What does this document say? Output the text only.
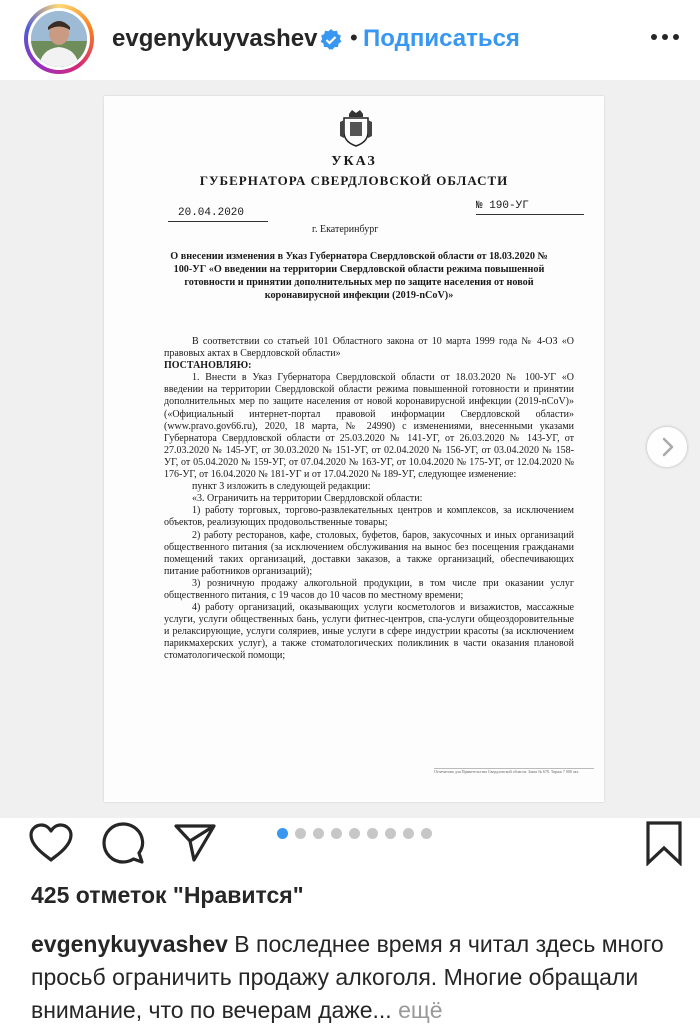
evgenykuyvashev • Подписаться
УКАЗ
ГУБЕРНАТОРА СВЕРДЛОВСКОЙ ОБЛАСТИ
20.04.2020
№ 190-УГ
г. Екатеринбург
О внесении изменения в Указ Губернатора Свердловской области от 18.03.2020 № 100-УГ «О введении на территории Свердловской области режима повышенной готовности и принятии дополнительных мер по защите населения от новой коронавирусной инфекции (2019-nCoV)»

В соответствии со статьей 101 Областного закона от 10 марта 1999 года № 4-ОЗ «О правовых актах в Свердловской области»

ПОСТАНОВЛЯЮ:

1. Внести в Указ Губернатора Свердловской области от 18.03.2020 № 100-УГ «О введении на территории Свердловской области режима повышенной готовности и принятии дополнительных мер по защите населения от новой коронавирусной инфекции (2019-nCoV)» («Официальный интернет-портал правовой информации Свердловской области» (www.pravo.gov66.ru), 2020, 18 марта, № 24990) с изменениями, внесенными указами Губернатора Свердловской области от 25.03.2020 № 141-УГ, от 26.03.2020 № 143-УГ, от 27.03.2020 № 145-УГ, от 30.03.2020 № 151-УГ, от 02.04.2020 № 156-УГ, от 03.04.2020 № 158-УГ, от 05.04.2020 № 159-УГ, от 07.04.2020 № 163-УГ, от 10.04.2020 № 175-УГ, от 12.04.2020 № 176-УГ, от 16.04.2020 № 181-УГ и от 17.04.2020 № 189-УГ, следующее изменение:

пункт 3 изложить в следующей редакции:

«3. Ограничить на территории Свердловской области:

1) работу торговых, торгово-развлекательных центров и комплексов, за исключением объектов, реализующих продовольственные товары;

2) работу ресторанов, кафе, столовых, буфетов, баров, закусочных и иных организаций общественного питания (за исключением обслуживания на вынос без посещения гражданами помещений таких организаций, доставки заказов, а также организаций, обеспечивающих питание работников организаций);

3) розничную продажу алкогольной продукции, в том числе при оказании услуг общественного питания, с 19 часов до 10 часов по местному времени;

4) работу организаций, оказывающих услуги косметологов и визажистов, массажные услуги, услуги общественных бань, услуги фитнес-центров, спа-услуги общеоздоровительные и релаксирующие, услуги соляриев, иные услуги в сфере индустрии красоты (за исключением парикмахерских услуг), а также стоматологических поликлиник в части оказания плановой стоматологической помощи;

Отпечатано для Правительства Свердловской области. Заказ № 678. Тираж 7 000 экз.
425 отметок "Нравится"
evgenykuyvashev В последнее время я читал здесь много просьб ограничить продажу алкоголя. Многие обращали внимание, что по вечерам даже... ещё
